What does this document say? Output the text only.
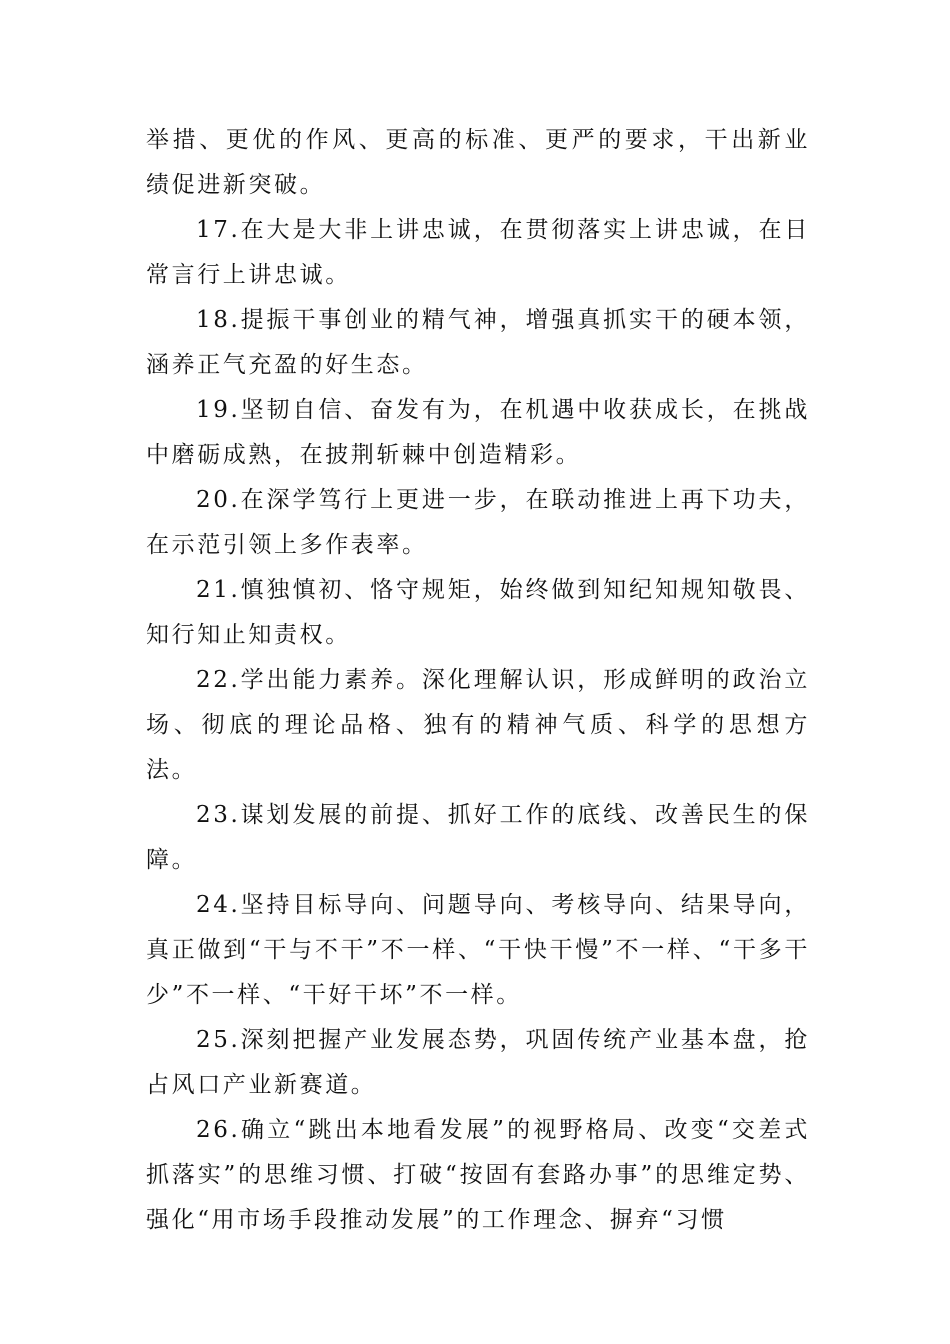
举措、更优的作风、更高的标准、更严的要求，干出新业绩促进新突破。

17.在大是大非上讲忠诚，在贯彻落实上讲忠诚，在日常言行上讲忠诚。

18.提振干事创业的精气神，增强真抓实干的硬本领，涵养正气充盈的好生态。

19.坚韧自信、奋发有为，在机遇中收获成长，在挑战中磨砺成熟，在披荆斩棘中创造精彩。

20.在深学笃行上更进一步，在联动推进上再下功夫，在示范引领上多作表率。

21.慎独慎初、恪守规矩，始终做到知纪知规知敬畏、知行知止知责权。

22.学出能力素养。深化理解认识，形成鲜明的政治立场、彻底的理论品格、独有的精神气质、科学的思想方法。

23.谋划发展的前提、抓好工作的底线、改善民生的保障。

24.坚持目标导向、问题导向、考核导向、结果导向，真正做到“干与不干”不一样、“干快干慢”不一样、“干多干少”不一样、“干好干坏”不一样。

25.深刻把握产业发展态势，巩固传统产业基本盘，抢占风口产业新赛道。

26.确立“跳出本地看发展”的视野格局、改变“交差式抓落实”的思维习惯、打破“按固有套路办事”的思维定势、强化“用市场手段推动发展”的工作理念、摒弃“习惯
